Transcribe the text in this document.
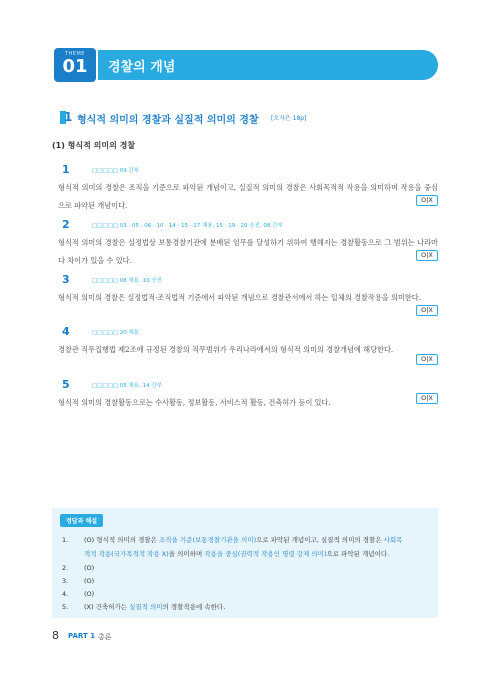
THEME
01	경찰의 개념
1 형식적 의미의 경찰과 실질적 의미의 경찰 [오자은 18p]
(1) 형식적 의미의 경찰
1	□□□□□ 09 간부
형식적 의미의 경찰은 조직을 기준으로 파악된 개념이고, 실질적 의미의 경찰은 사회목적적 작용을 의미하며 작용을 중심으로 파악된 개념이다.
O|X
2	□□□□□ 03 · 05 · 06 · 10 · 14 · 15 · 17 채용, 15 · 19 · 20 승진, 08 간부
형식적 의미의 경찰은 실정법상 보통경찰기관에 분배된 임무를 달성하기 위하여 행해지는 경찰활동으로 그 범위는 나라마다 차이가 있을 수 있다.
O|X
3	□□□□□ 08 채용, 10 승진
형식적 의미의 경찰은 실정법적·조직법적 기준에서 파악된 개념으로 경찰관서에서 하는 일체의 경찰작용을 의미한다.
O|X
4	□□□□□ 20 채용
경찰관 직무집행법 제2조에 규정된 경찰의 직무범위가 우리나라에서의 형식적 의미의 경찰개념에 해당한다.
O|X
5	□□□□□ 05 채용, 14 간부
형식적 의미의 경찰활동으로는 수사활동, 정보활동, 서비스적 활동, 건축허가 등이 있다.	O|X
정답과 해설
1.	(O) 형식적 의미의 경찰은 조직을 기준(보통경찰기관을 의미)으로 파악된 개념이고, 실질적 의미의 경찰은 사회목
적적 작용(국가목적적 작용 X)을 의미하며 작용을 중심(권력적 작용인 명령 강제 의미)으로 파악된 개념이다.
2.	(O)
3.	(O)
4.	(O)
5.	(X) 건축허가는 실질적 의미의 경찰작용에 속한다.
8 PART 1 총론
